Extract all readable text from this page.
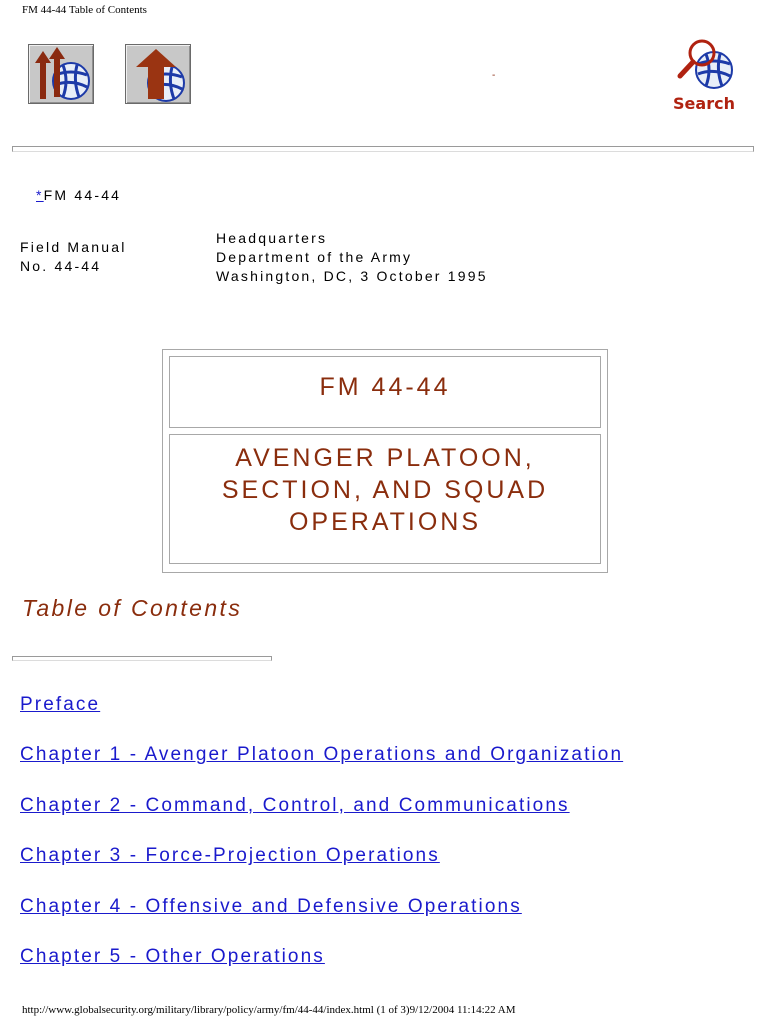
FM 44-44 Table of Contents
-
Search
*FM 44-44
Field Manual
No. 44-44
Headquarters
Department of the Army
Washington, DC, 3 October 1995
FM 44-44
AVENGER PLATOON,
SECTION, AND SQUAD
OPERATIONS
Table of Contents
Preface
Chapter 1 - Avenger Platoon Operations and Organization
Chapter 2 - Command, Control, and Communications
Chapter 3 - Force-Projection Operations
Chapter 4 - Offensive and Defensive Operations
Chapter 5 - Other Operations
http://www.globalsecurity.org/military/library/policy/army/fm/44-44/index.html (1 of 3)9/12/2004 11:14:22 AM
